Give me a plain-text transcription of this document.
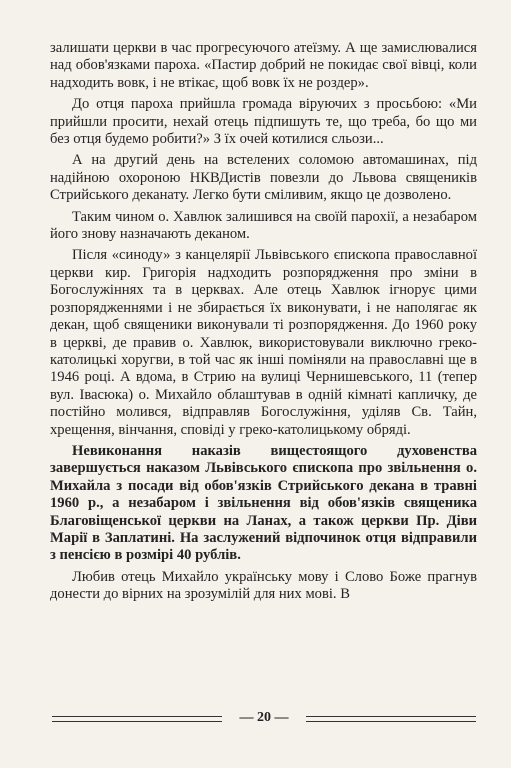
залишати церкви в час прогресуючого атеїзму. А ще замислювалися над обов'язками пароха. «Пастир добрий не покидає свої вівці, коли надходить вовк, і не втікає, щоб вовк їх не роздер».

До отця пароха прийшла громада віруючих з просьбою: «Ми прийшли просити, нехай отець підпишуть те, що треба, бо що ми без отця будемо робити?» З їх очей котилися сльози...

А на другий день на встелених соломою автомашинах, під надійною охороною НКВДистів повезли до Львова священиків Стрийського деканату. Легко бути сміливим, якщо це дозволено.

Таким чином о. Хавлюк залишився на своїй парохії, а незабаром його знову назначають деканом.

Після «синоду» з канцелярії Львівського єпископа православної церкви кир. Григорія надходить розпорядження про зміни в Богослужіннях та в церквах. Але отець Хавлюк ігнорує цими розпорядженнями і не збирається їх виконувати, і не наполягає як декан, щоб священики виконували ті розпорядження. До 1960 року в церкві, де правив о. Хавлюк, використовували виключно греко-католицькі хоругви, в той час як інші поміняли на православні ще в 1946 році. А вдома, в Стрию на вулиці Чернишевського, 11 (тепер вул. Івасюка) о. Михайло облаштував в одній кімнаті капличку, де постійно молився, відправляв Богослужіння, удiляв Св. Тайн, хрещення, вінчання, сповіді у греко-католицькому обряді.

Невиконання наказів вищестоящого духовенства завершується наказом Львівського єпископа про звільнення о. Михайла з посади від обов'язків Стрийського декана в травні 1960 р., а незабаром і звільнення від обов'язків священика Благовіщенської церкви на Ланах, а також церкви Пр. Діви Марії в Заплатині. На заслужений відпочинок отця відправили з пенсією в розмірі 40 рублів.

Любив отець Михайло українську мову і Слово Боже прагнув донести до вірних на зрозумілій для них мові. В

— 20 —
